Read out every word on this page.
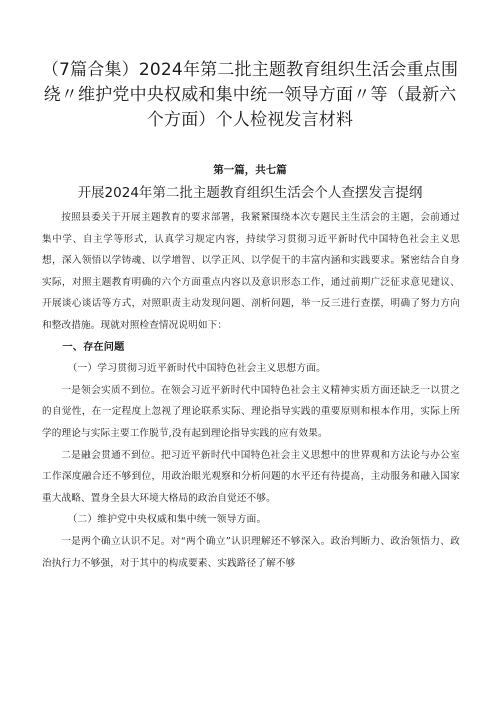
（7篇合集）2024年第二批主题教育组织生活会重点围绕〃维护党中央权威和集中统一领导方面〃等（最新六个方面）个人检视发言材料
第一篇，共七篇
开展2024年第二批主题教育组织生活会个人查摆发言提纲

按照县委关于开展主题教育的要求部署，我紧紧围绕本次专题民主生活会的主题，会前通过集中学、自主学等形式，认真学习规定内容，持续学习贯彻习近平新时代中国特色社会主义思想，深入领悟以学铸魂、以学增智、以学正风、以学促干的丰富内涵和实践要求。紧密结合自身实际，对照主题教育明确的六个方面重点内容以及意识形态工作，通过前期广泛征求意见建议、开展谈心谈话等方式，对照职责主动发现问题、剖析问题，举一反三进行查摆，明确了努力方向和整改措施。现就对照检查情况说明如下：

一、存在问题

（一）学习贯彻习近平新时代中国特色社会主义思想方面。

一是领会实质不到位。在领会习近平新时代中国特色社会主义精神实质方面还缺乏一以贯之的自觉性，在一定程度上忽视了理论联系实际、理论指导实践的重要原则和根本作用，实际上所学的理论与实际主要工作脱节,没有起到理论指导实践的应有效果。

二是融会贯通不到位。把习近平新时代中国特色社会主义思想中的世界观和方法论与办公室工作深度融合还不够到位，用政治眼光观察和分析问题的水平还有待提高，主动服务和融入国家重大战略、置身全县大环境大格局的政治自觉还不够。

（二）维护党中央权威和集中统一领导方面。

一是两个确立认识不足。对“两个确立”认识理解还不够深入。政治判断力、政治领悟力、政治执行力不够强，对于其中的构成要素、实践路径了解不够
